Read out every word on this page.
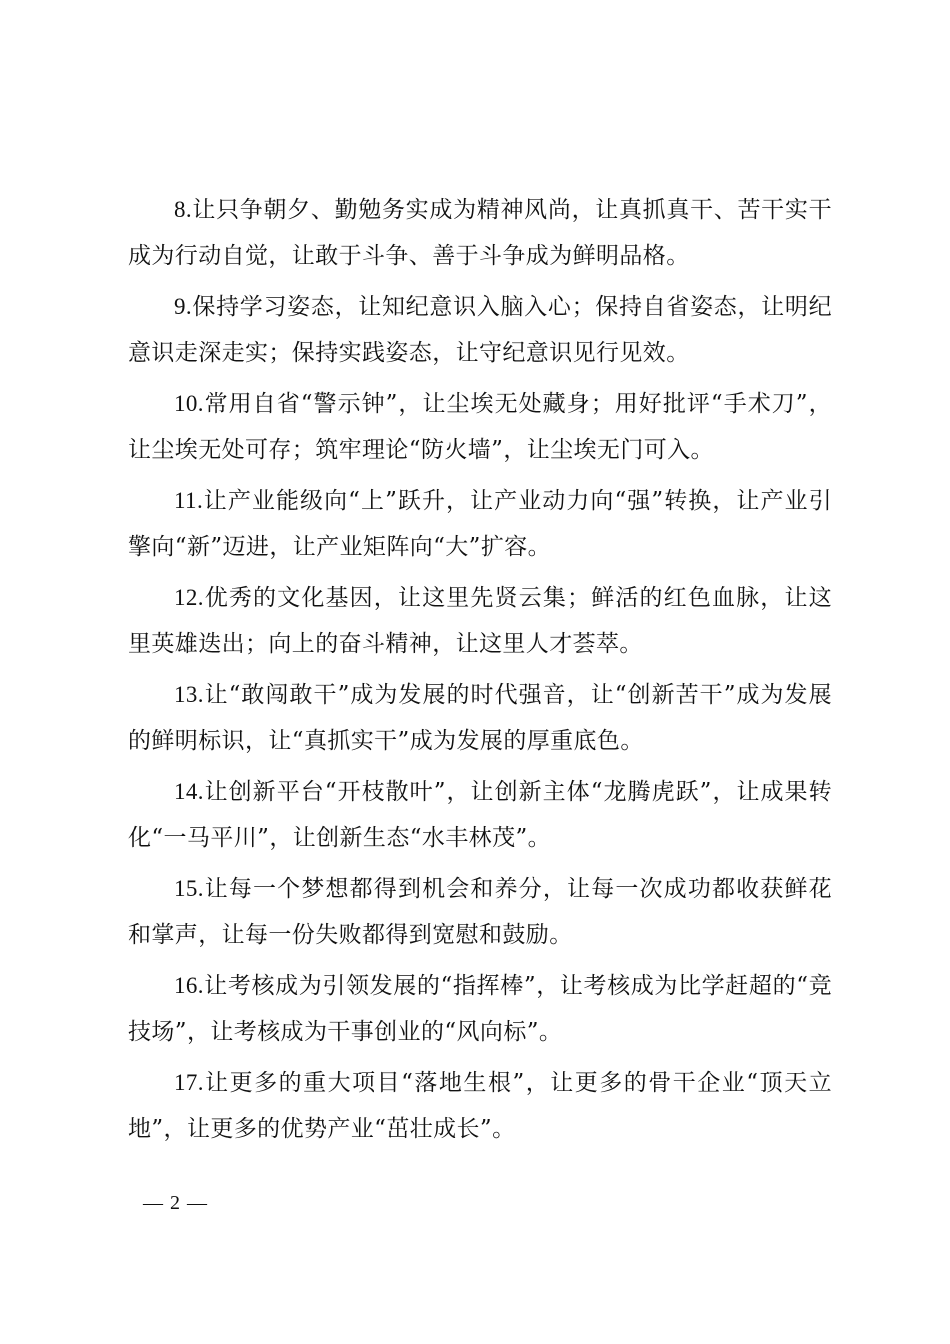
8.让只争朝夕、勤勉务实成为精神风尚，让真抓真干、苦干实干成为行动自觉，让敢于斗争、善于斗争成为鲜明品格。

9.保持学习姿态，让知纪意识入脑入心；保持自省姿态，让明纪意识走深走实；保持实践姿态，让守纪意识见行见效。

10.常用自省“警示钟”，让尘埃无处藏身；用好批评“手术刀”，让尘埃无处可存；筑牢理论“防火墙”，让尘埃无门可入。

11.让产业能级向“上”跃升，让产业动力向“强”转换，让产业引擎向“新”迈进，让产业矩阵向“大”扩容。

12.优秀的文化基因，让这里先贤云集；鲜活的红色血脉，让这里英雄迭出；向上的奋斗精神，让这里人才荟萃。

13.让“敢闯敢干”成为发展的时代强音，让“创新苦干”成为发展的鲜明标识，让“真抓实干”成为发展的厚重底色。

14.让创新平台“开枝散叶”，让创新主体“龙腾虎跃”，让成果转化“一马平川”，让创新生态“水丰林茂”。

15.让每一个梦想都得到机会和养分，让每一次成功都收获鲜花和掌声，让每一份失败都得到宽慰和鼓励。

16.让考核成为引领发展的“指挥棒”，让考核成为比学赶超的“竞技场”，让考核成为干事创业的“风向标”。

17.让更多的重大项目“落地生根”，让更多的骨干企业“顶天立地”，让更多的优势产业“茁壮成长”。

— 2 —
